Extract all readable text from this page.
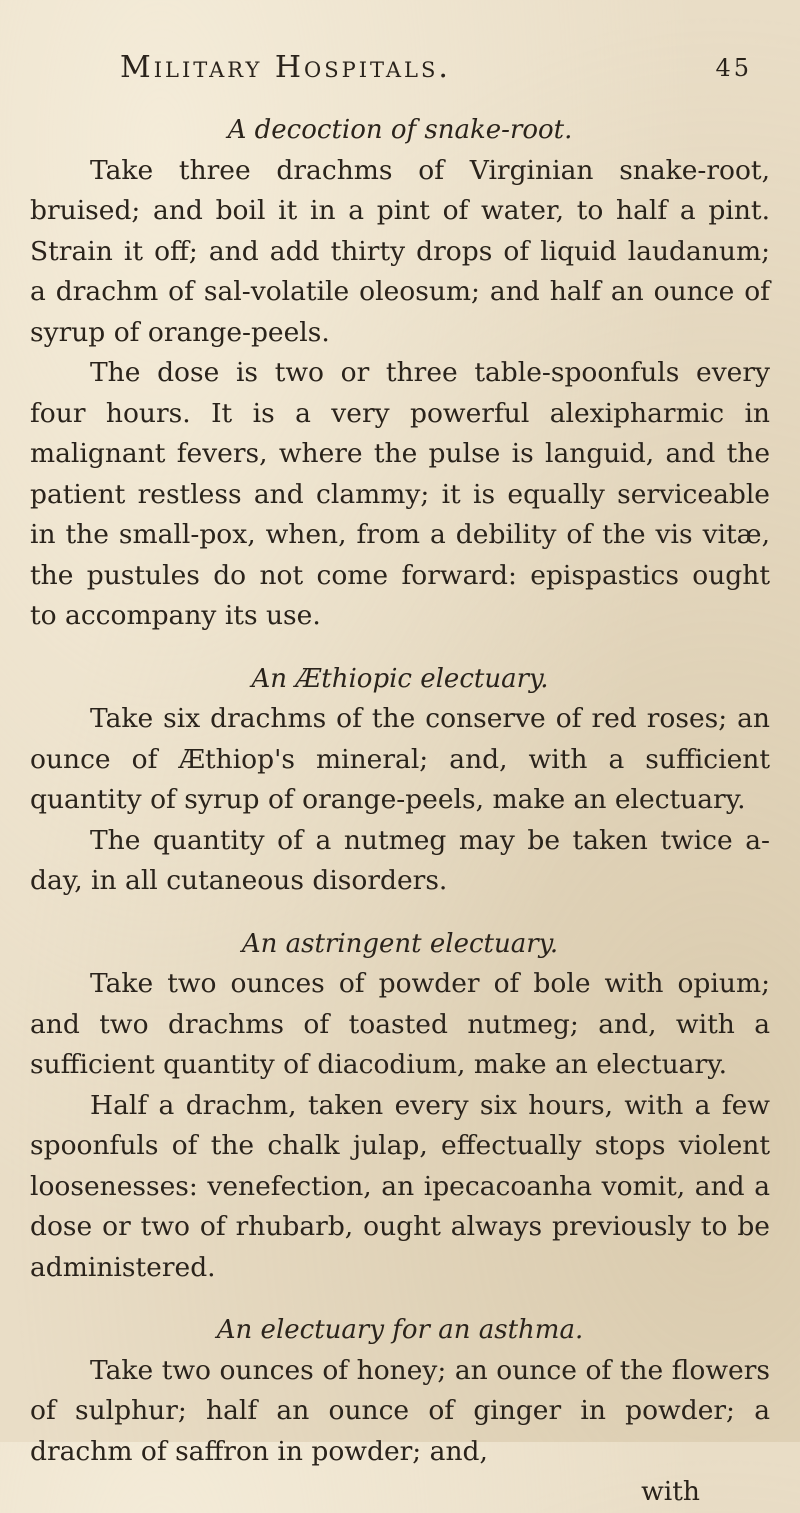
Military Hospitals.	45
A decoction of snake-root.

Take three drachms of Virginian snake-root, bruised; and boil it in a pint of water, to half a pint. Strain it off; and add thirty drops of liquid laudanum; a drachm of sal-volatile oleosum; and half an ounce of syrup of orange-peels.

The dose is two or three table-spoonfuls every four hours. It is a very powerful alexipharmic in malignant fevers, where the pulse is languid, and the patient restless and clammy; it is equally serviceable in the small-pox, when, from a debility of the vis vitæ, the pustules do not come forward: epispastics ought to accompany its use.

An Æthiopic electuary.

Take six drachms of the conserve of red roses; an ounce of Æthiop's mineral; and, with a sufficient quantity of syrup of orange-peels, make an electuary.

The quantity of a nutmeg may be taken twice a-day, in all cutaneous disorders.

An astringent electuary.

Take two ounces of powder of bole with opium; and two drachms of toasted nutmeg; and, with a sufficient quantity of diacodium, make an electuary.

Half a drachm, taken every six hours, with a few spoonfuls of the chalk julap, effectually stops violent loosenesses: venefection, an ipecacoanha vomit, and a dose or two of rhubarb, ought always previously to be administered.

An electuary for an asthma.

Take two ounces of honey; an ounce of the flowers of sulphur; half an ounce of ginger in powder; a drachm of saffron in powder; and,

with
